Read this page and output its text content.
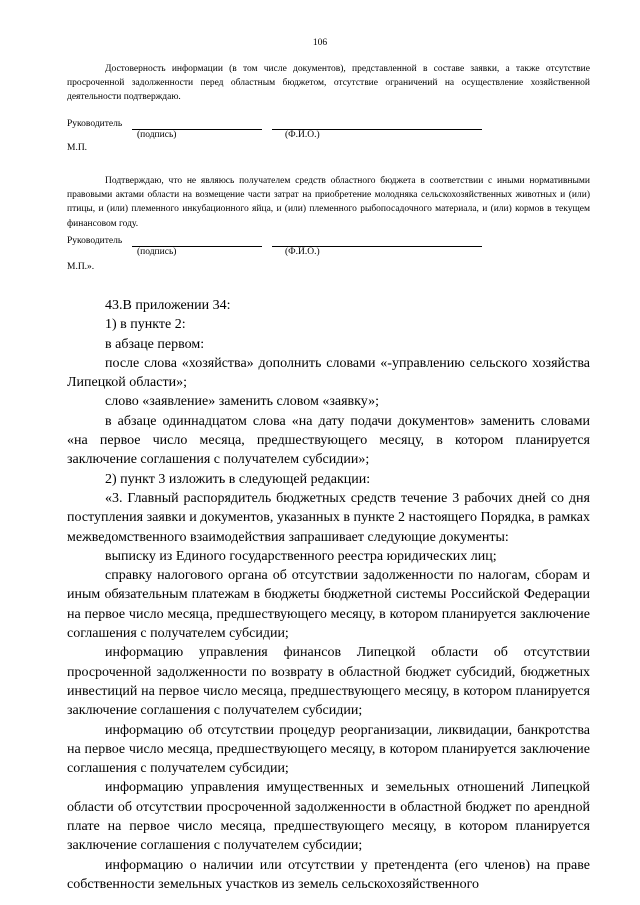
106
Достоверность информации (в том числе документов), представленной в составе заявки, а также отсутствие просроченной задолженности перед областным бюджетом, отсутствие ограничений на осуществление хозяйственной деятельности подтверждаю.
Руководитель
(подпись)	(Ф.И.О.)
М.П.
Подтверждаю, что не являюсь получателем средств областного бюджета в соответствии с иными нормативными правовыми актами области на возмещение части затрат на приобретение молодняка сельскохозяйственных животных и (или) птицы, и (или) племенного инкубационного яйца, и (или) племенного рыбопосадочного материала, и (или) кормов в текущем финансовом году.
Руководитель
(подпись)	(Ф.И.О.)
М.П.».

43.В приложении 34:

1) в пункте 2:

в абзаце первом:

после слова «хозяйства» дополнить словами «-управлению сельского хозяйства Липецкой области»;

слово «заявление» заменить словом «заявку»;

в абзаце одиннадцатом слова «на дату подачи документов» заменить словами «на первое число месяца, предшествующего месяцу, в котором планируется заключение соглашения с получателем субсидии»;

2) пункт 3 изложить в следующей редакции:

«3. Главный распорядитель бюджетных средств течение 3 рабочих дней со дня поступления заявки и документов, указанных в пункте 2 настоящего Порядка, в рамках межведомственного взаимодействия запрашивает следующие документы:

выписку из Единого государственного реестра юридических лиц;

справку налогового органа об отсутствии задолженности по налогам, сборам и иным обязательным платежам в бюджеты бюджетной системы Российской Федерации на первое число месяца, предшествующего месяцу, в котором планируется заключение соглашения с получателем субсидии;

информацию управления финансов Липецкой области об отсутствии просроченной задолженности по возврату в областной бюджет субсидий, бюджетных инвестиций на первое число месяца, предшествующего месяцу, в котором планируется заключение соглашения с получателем субсидии;

информацию об отсутствии процедур реорганизации, ликвидации, банкротства на первое число месяца, предшествующего месяцу, в котором планируется заключение соглашения с получателем субсидии;

информацию управления имущественных и земельных отношений Липецкой области об отсутствии просроченной задолженности в областной бюджет по арендной плате на первое число месяца, предшествующего месяцу, в котором планируется заключение соглашения с получателем субсидии;

информацию о наличии или отсутствии у претендента (его членов) на праве собственности земельных участков из земель сельскохозяйственного
